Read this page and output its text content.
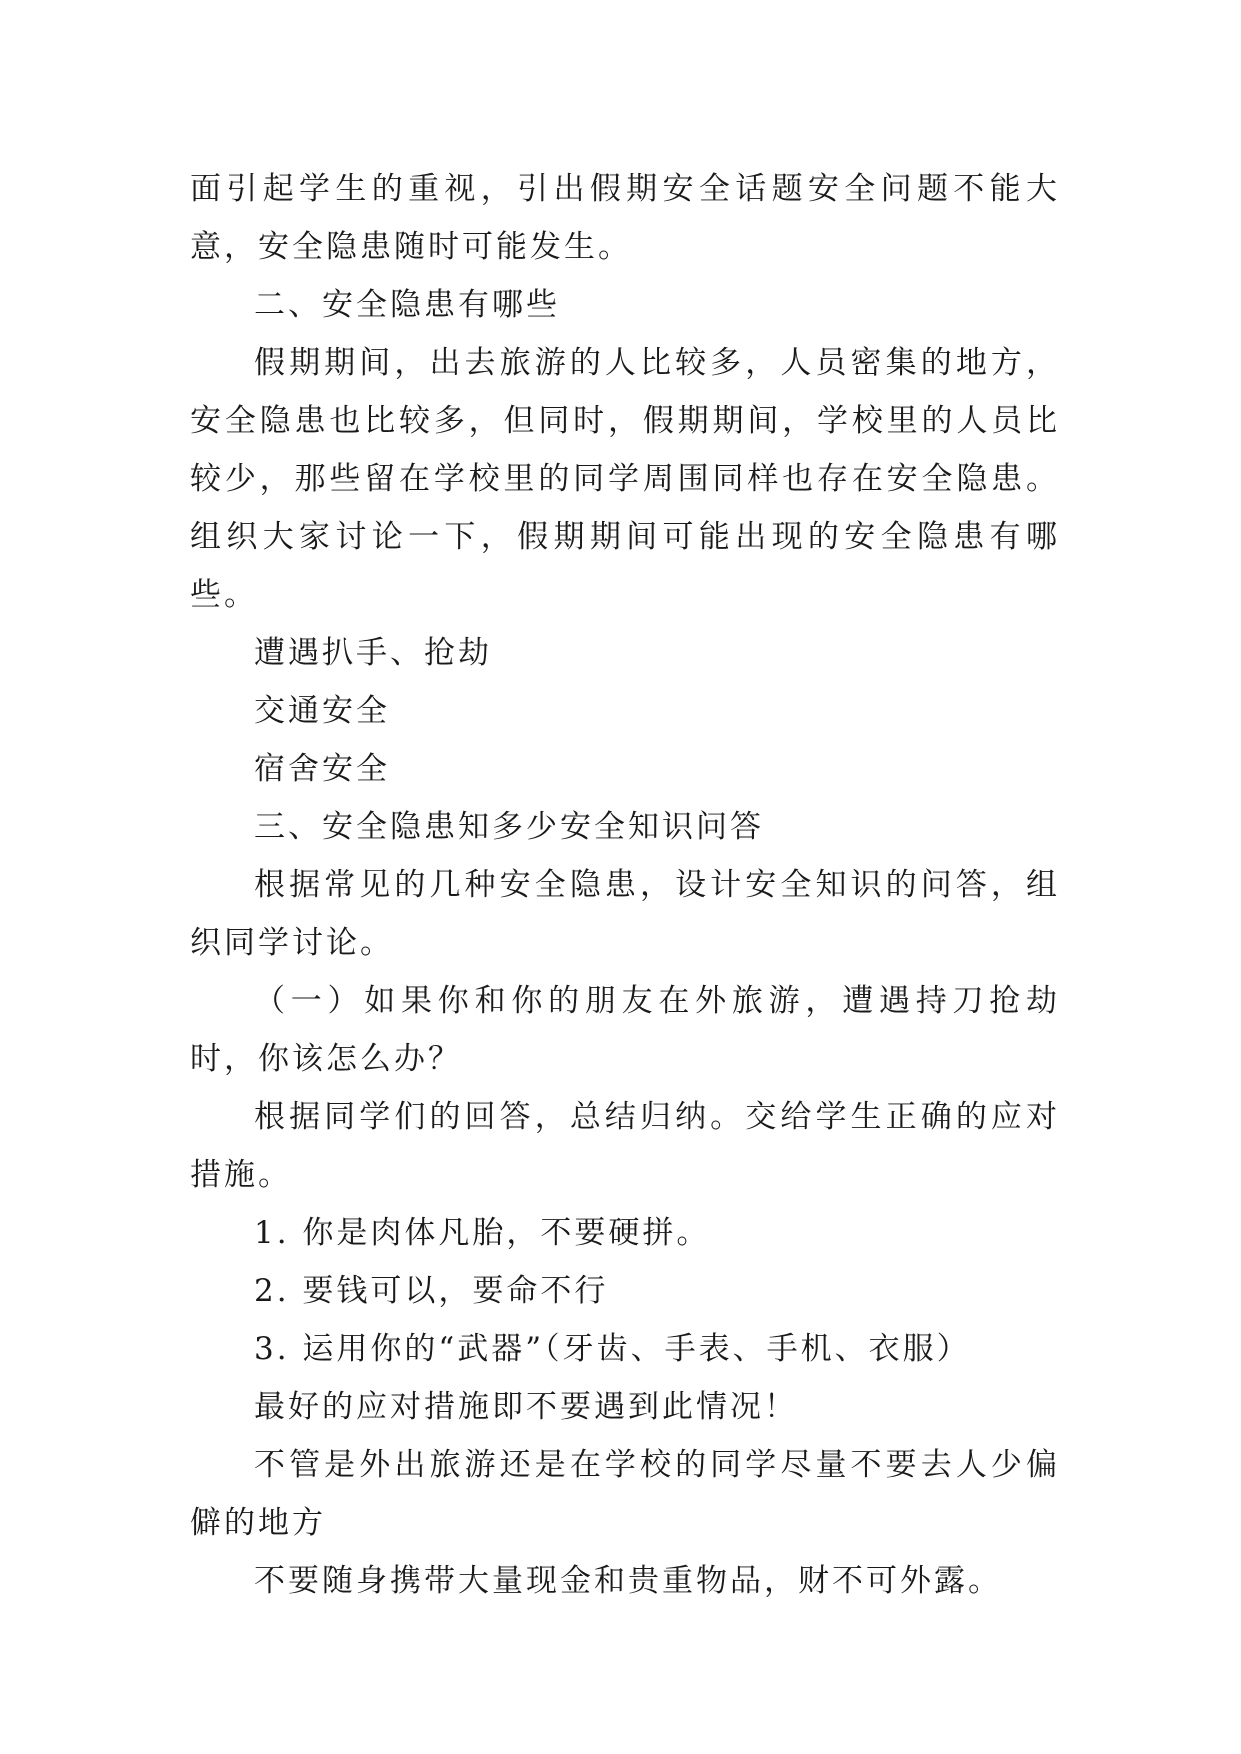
面引起学生的重视，引出假期安全话题安全问题不能大意，安全隐患随时可能发生。

二、安全隐患有哪些

假期期间，出去旅游的人比较多，人员密集的地方，安全隐患也比较多，但同时，假期期间，学校里的人员比较少，那些留在学校里的同学周围同样也存在安全隐患。组织大家讨论一下，假期期间可能出现的安全隐患有哪些。

遭遇扒手、抢劫

交通安全

宿舍安全

三、安全隐患知多少安全知识问答

根据常见的几种安全隐患，设计安全知识的问答，组织同学讨论。

（一）如果你和你的朋友在外旅游，遭遇持刀抢劫时，你该怎么办？

根据同学们的回答，总结归纳。交给学生正确的应对措施。

1. 你是肉体凡胎，不要硬拼。

2. 要钱可以，要命不行

3. 运用你的“武器”（牙齿、手表、手机、衣服）

最好的应对措施即不要遇到此情况！

不管是外出旅游还是在学校的同学尽量不要去人少偏僻的地方

不要随身携带大量现金和贵重物品，财不可外露。
